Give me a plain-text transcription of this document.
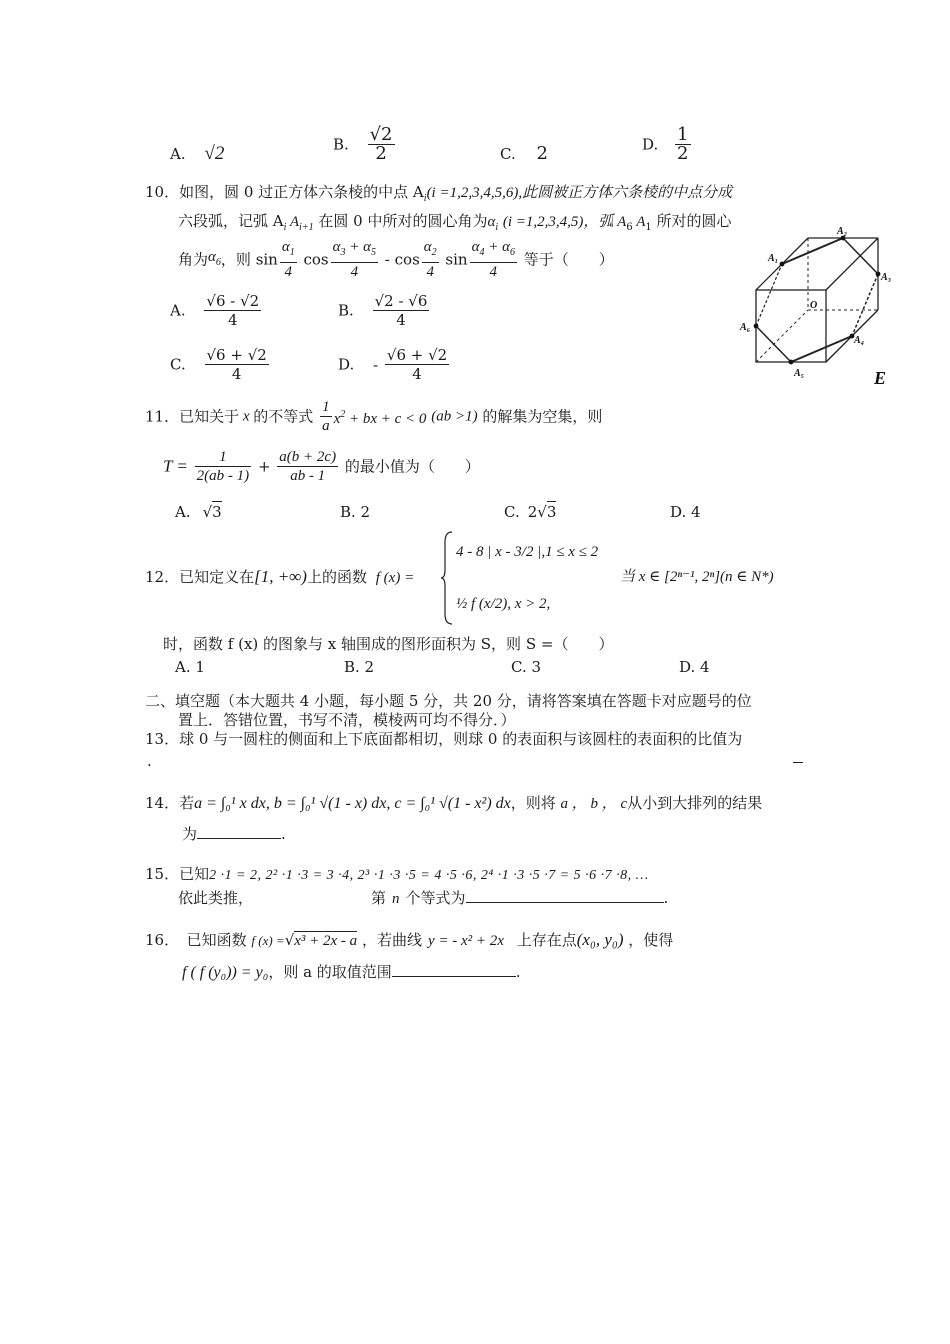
A. √2	B. $\frac{√2}{2}$	C. 2	D. $\frac{1}{2}$
10．如图，圆 0 过正方体六条棱的中点 $A_i(i =1,2,3,4,5,6)$,此圆被正方体六条棱的中点分成
六段弧，记弧 $A_i$ $A_{i+1}$ 在圆 0 中所对的圆心角为$\alpha_i$ (i =1,2,3,4,5)，弧 $A_6$ $A_1$ 所对的圆心
角为$\alpha_6$，则 $\sin \frac{\alpha_1}{4}$ $\cos \frac{\alpha_3 + \alpha_5}{4}$ - $\cos \frac{\alpha_2}{4}$ $\sin \frac{\alpha_4 + \alpha_6}{4}$ 等于（　　）
A. $\frac{√6 - √2}{4}$	B. $\frac{√2 - √6}{4}$
C. $\frac{√6 + √2}{4}$	D. - $\frac{√6 + √2}{4}$
A₁
A₂
A₃
A₄
A₅
A₆
O
E
11．已知关于 x 的不等式 $\frac{1}{a} x^2$ + bx + c < 0 (ab >1) 的解集为空集，则
$T = \frac{1}{2(ab - 1)} + \frac{a(b + 2c)}{ab - 1}$ 的最小值为（　　）
A. √3	B. 2	C. 2√3	D. 4
12．已知定义在[1, +∞)上的函数 f (x) =
4 - 8 | x - 3/2 |,1 ≤ x ≤ 2
½ f (x/2), x > 2,
当 x ∈ [2ⁿ⁻¹, 2ⁿ](n ∈ N*)
时，函数 f (x) 的图象与 x 轴围成的图形面积为 S，则 S =（　　）
A. 1	B. 2	C. 3	D. 4
二、填空题（本大题共 4 小题，每小题 5 分，共 20 分，请将答案填在答题卡对应题号的位
置上．答错位置，书写不清，模棱两可均不得分．）
13．球 0 与一圆柱的侧面和上下底面都相切，则球 0 的表面积与该圆柱的表面积的比值为
.
14．若a = ∫₀¹ x dx, b = ∫₀¹ √(1 - x) dx, c = ∫₀¹ √(1 - x²) dx，则将 a ， b ， c从小到大排列的结果
为	.
15．已知2 ·1 = 2, 2² ·1 ·3 = 3 ·4, 2³ ·1 ·3 ·5 = 4 ·5 ·6, 2⁴ ·1 ·3 ·5 ·7 = 5 ·6 ·7 ·8, …
依此类推，	第 n 个等式为	.
16．　已知函数 f (x) =√x³ + 2x - a ，若曲线 y = - x² + 2x 上存在点(x₀, y₀) ，使得
f ( f (y₀)) = y₀，则 a 的取值范围	.
